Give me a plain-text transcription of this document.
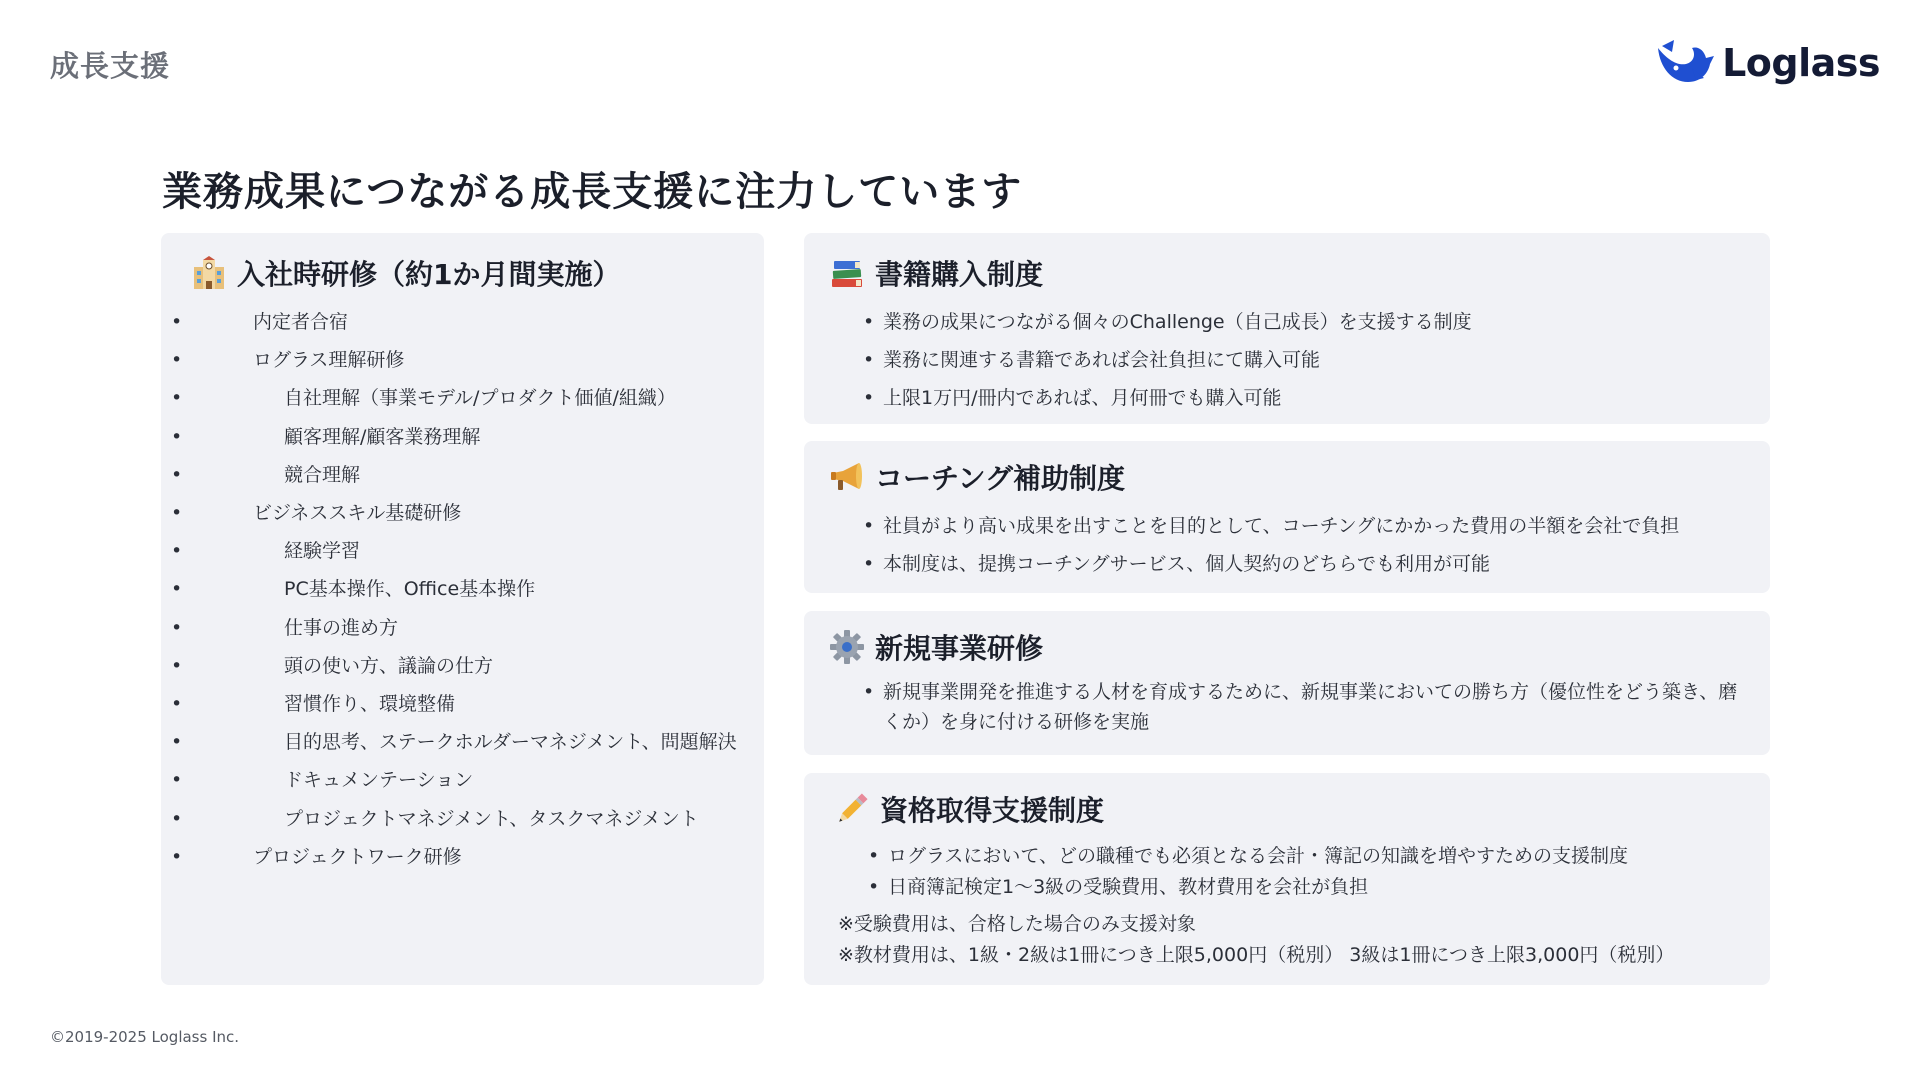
成長支援	Loglass
業務成果につながる成長支援に注力しています
入社時研修（約1か月間実施）
• 内定者合宿
• ログラス理解研修
• 自社理解（事業モデル/プロダクト価値/組織）
• 顧客理解/顧客業務理解
• 競合理解
• ビジネススキル基礎研修
• 経験学習
• PC基本操作、Office基本操作
• 仕事の進め方
• 頭の使い方、議論の仕方
• 習慣作り、環境整備
• 目的思考、ステークホルダーマネジメント、問題解決
• ドキュメンテーション
• プロジェクトマネジメント、タスクマネジメント
• プロジェクトワーク研修
書籍購入制度
• 業務の成果につながる個々のChallenge（自己成長）を支援する制度
• 業務に関連する書籍であれば会社負担にて購入可能
• 上限1万円/冊内であれば、月何冊でも購入可能
コーチング補助制度
• 社員がより高い成果を出すことを目的として、コーチングにかかった費用の半額を会社で負担
• 本制度は、提携コーチングサービス、個人契約のどちらでも利用が可能
新規事業研修
• 新規事業開発を推進する人材を育成するために、新規事業においての勝ち方（優位性をどう築き、磨くか）を身に付ける研修を実施
資格取得支援制度
• ログラスにおいて、どの職種でも必須となる会計・簿記の知識を増やすための支援制度
• 日商簿記検定1〜3級の受験費用、教材費用を会社が負担
※受験費用は、合格した場合のみ支援対象
※教材費用は、1級・2級は1冊につき上限5,000円（税別） 3級は1冊につき上限3,000円（税別）
©2019-2025 Loglass Inc.
